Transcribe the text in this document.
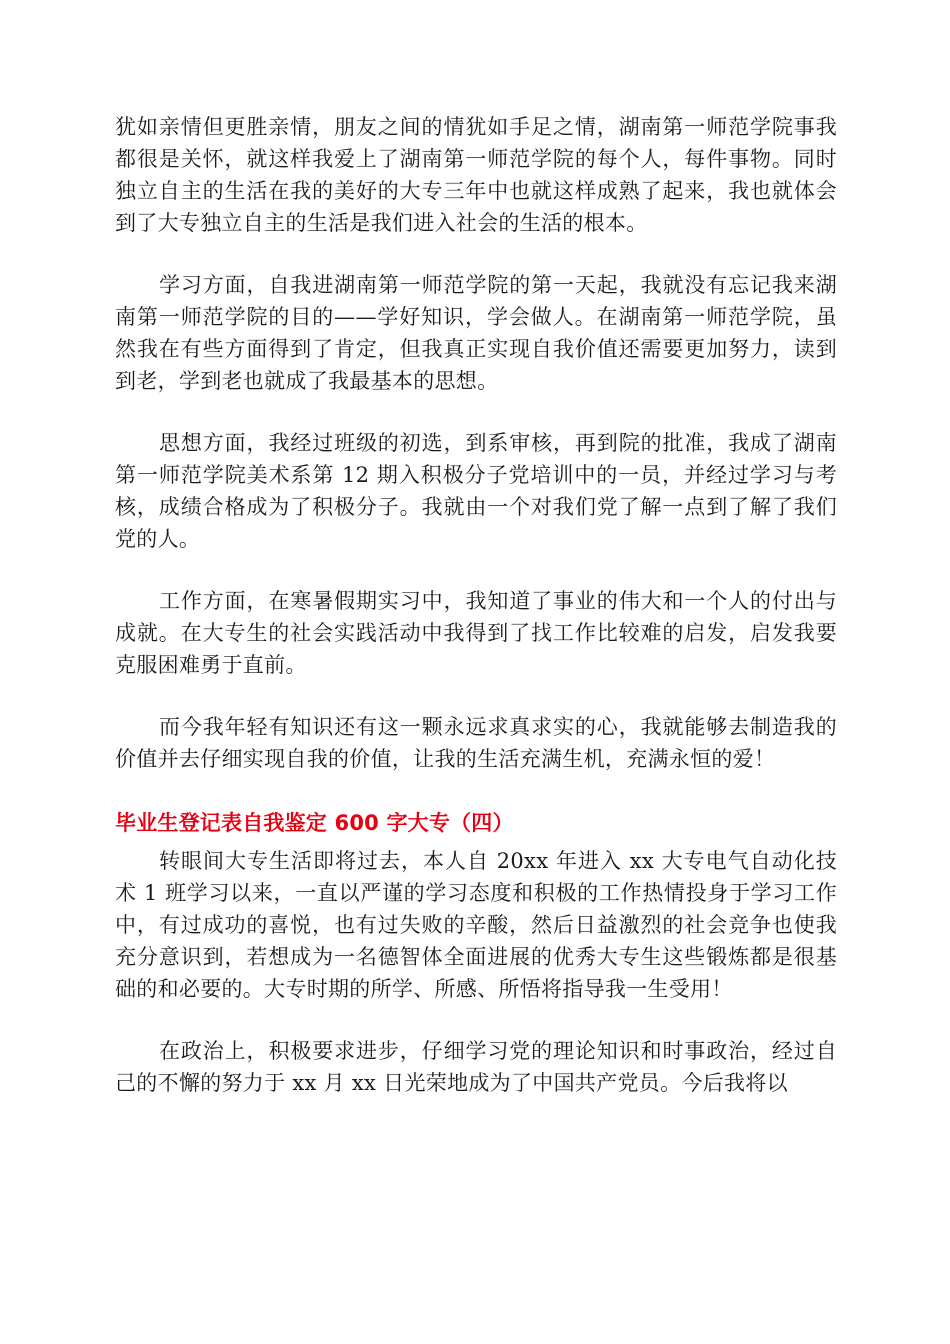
犹如亲情但更胜亲情，朋友之间的情犹如手足之情，湖南第一师范学院事我都很是关怀，就这样我爱上了湖南第一师范学院的每个人，每件事物。同时独立自主的生活在我的美好的大专三年中也就这样成熟了起来，我也就体会到了大专独立自主的生活是我们进入社会的生活的根本。

学习方面，自我进湖南第一师范学院的第一天起，我就没有忘记我来湖南第一师范学院的目的——学好知识，学会做人。在湖南第一师范学院，虽然我在有些方面得到了肯定，但我真正实现自我价值还需要更加努力，读到到老，学到老也就成了我最基本的思想。

思想方面，我经过班级的初选，到系审核，再到院的批准，我成了湖南第一师范学院美术系第 12 期入积极分子党培训中的一员，并经过学习与考核，成绩合格成为了积极分子。我就由一个对我们党了解一点到了解了我们党的人。

工作方面，在寒暑假期实习中，我知道了事业的伟大和一个人的付出与成就。在大专生的社会实践活动中我得到了找工作比较难的启发，启发我要克服困难勇于直前。

而今我年轻有知识还有这一颗永远求真求实的心，我就能够去制造我的价值并去仔细实现自我的价值，让我的生活充满生机，充满永恒的爱！

毕业生登记表自我鉴定 600 字大专（四）

转眼间大专生活即将过去，本人自 20xx 年进入 xx 大专电气自动化技术 1 班学习以来，一直以严谨的学习态度和积极的工作热情投身于学习工作中，有过成功的喜悦，也有过失败的辛酸，然后日益激烈的社会竞争也使我充分意识到，若想成为一名德智体全面进展的优秀大专生这些锻炼都是很基础的和必要的。大专时期的所学、所感、所悟将指导我一生受用！

在政治上，积极要求进步，仔细学习党的理论知识和时事政治，经过自己的不懈的努力于 xx 月 xx 日光荣地成为了中国共产党员。今后我将以
